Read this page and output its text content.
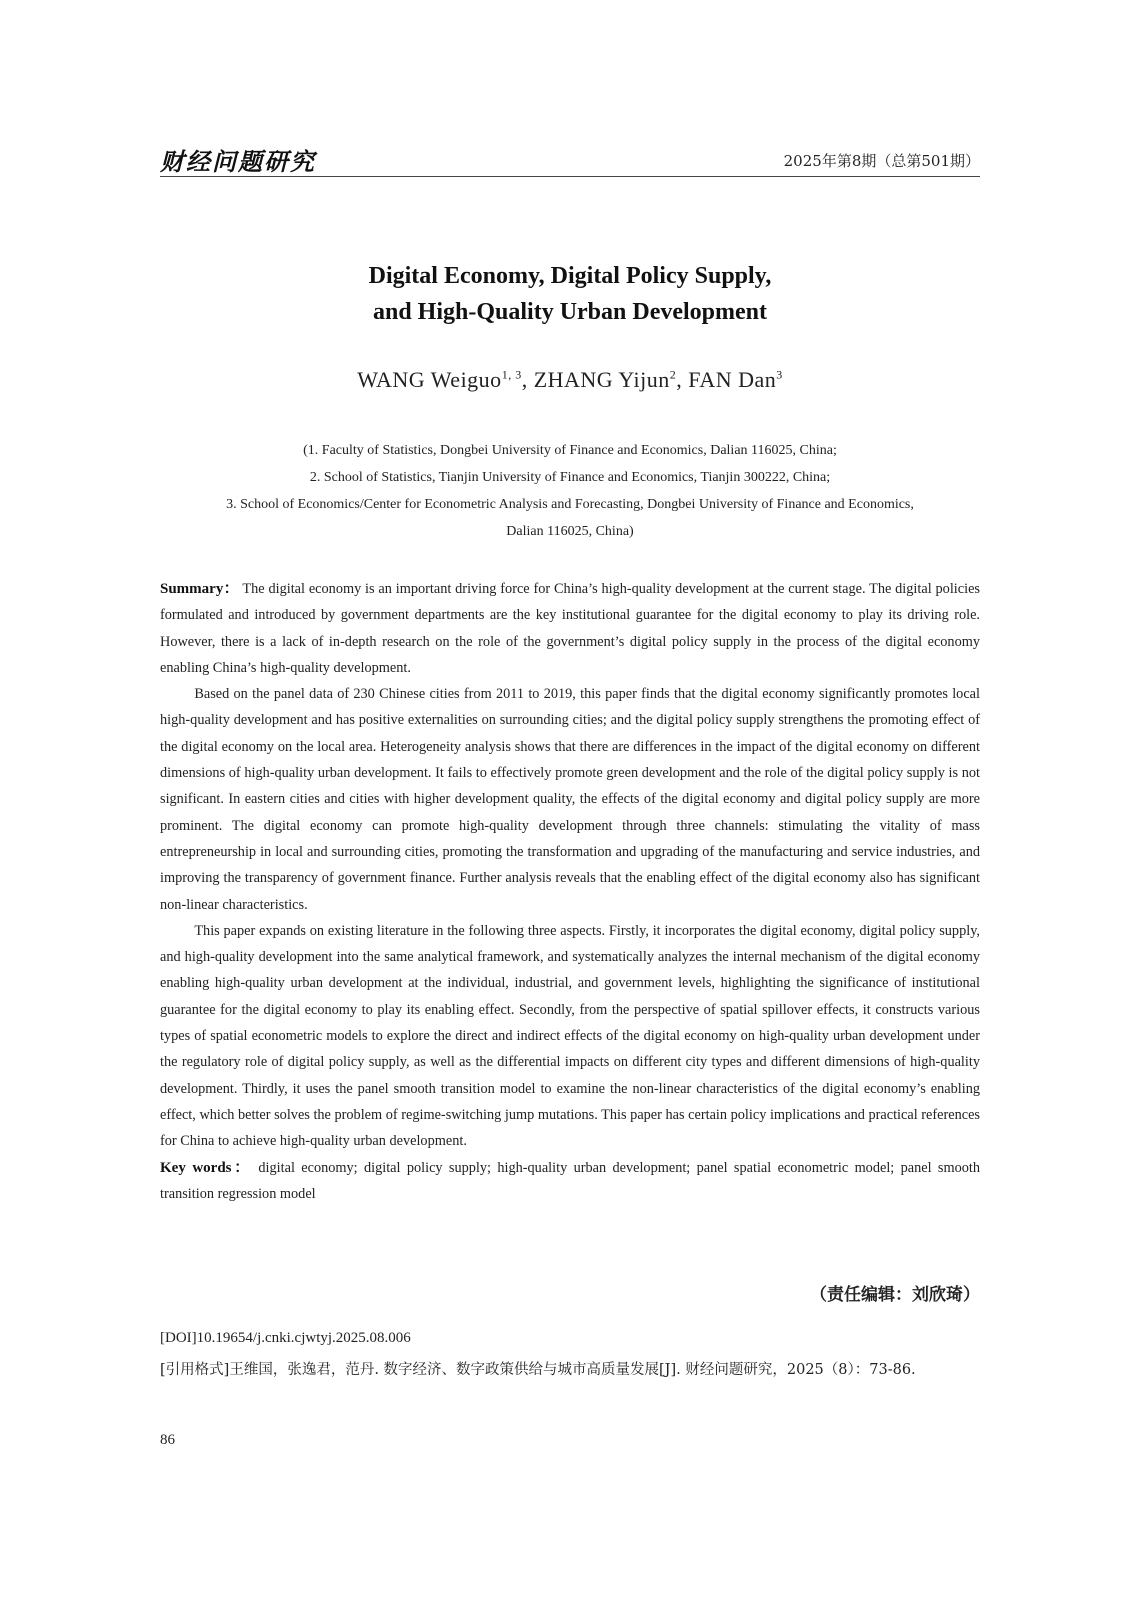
财经问题研究	2025年第8期（总第501期）
Digital Economy, Digital Policy Supply,
and High-Quality Urban Development
WANG Weiguo$^{1, 3}$, ZHANG Yijun$^2$, FAN Dan$^3$
(1. Faculty of Statistics, Dongbei University of Finance and Economics, Dalian 116025, China;
2. School of Statistics, Tianjin University of Finance and Economics, Tianjin 300222, China;
3. School of Economics/Center for Econometric Analysis and Forecasting, Dongbei University of Finance and Economics,
Dalian 116025, China)

Summary： The digital economy is an important driving force for China’s high-quality development at the current stage. The digital policies formulated and introduced by government departments are the key institutional guarantee for the digital economy to play its driving role. However, there is a lack of in-depth research on the role of the government’s digital policy supply in the process of the digital economy enabling China’s high-quality development.

Based on the panel data of 230 Chinese cities from 2011 to 2019, this paper finds that the digital economy significantly promotes local high-quality development and has positive externalities on surrounding cities; and the digital policy supply strengthens the promoting effect of the digital economy on the local area. Heterogeneity analysis shows that there are differences in the impact of the digital economy on different dimensions of high-quality urban development. It fails to effectively promote green development and the role of the digital policy supply is not significant. In eastern cities and cities with higher development quality, the effects of the digital economy and digital policy supply are more prominent. The digital economy can promote high-quality development through three channels: stimulating the vitality of mass entrepreneurship in local and surrounding cities, promoting the transformation and upgrading of the manufacturing and service industries, and improving the transparency of government finance. Further analysis reveals that the enabling effect of the digital economy also has significant non-linear characteristics.

This paper expands on existing literature in the following three aspects. Firstly, it incorporates the digital economy, digital policy supply, and high-quality development into the same analytical framework, and systematically analyzes the internal mechanism of the digital economy enabling high-quality urban development at the individual, industrial, and government levels, highlighting the significance of institutional guarantee for the digital economy to play its enabling effect. Secondly, from the perspective of spatial spillover effects, it constructs various types of spatial econometric models to explore the direct and indirect effects of the digital economy on high-quality urban development under the regulatory role of digital policy supply, as well as the differential impacts on different city types and different dimensions of high-quality development. Thirdly, it uses the panel smooth transition model to examine the non-linear characteristics of the digital economy’s enabling effect, which better solves the problem of regime-switching jump mutations. This paper has certain policy implications and practical references for China to achieve high-quality urban development.

Key words： digital economy; digital policy supply; high-quality urban development; panel spatial econometric model; panel smooth transition regression model

（责任编辑：刘欣琦）
[DOI]10.19654/j.cnki.cjwtyj.2025.08.006
[引用格式]王维国，张逸君，范丹. 数字经济、数字政策供给与城市高质量发展[J]. 财经问题研究，2025（8）：73-86.
86
